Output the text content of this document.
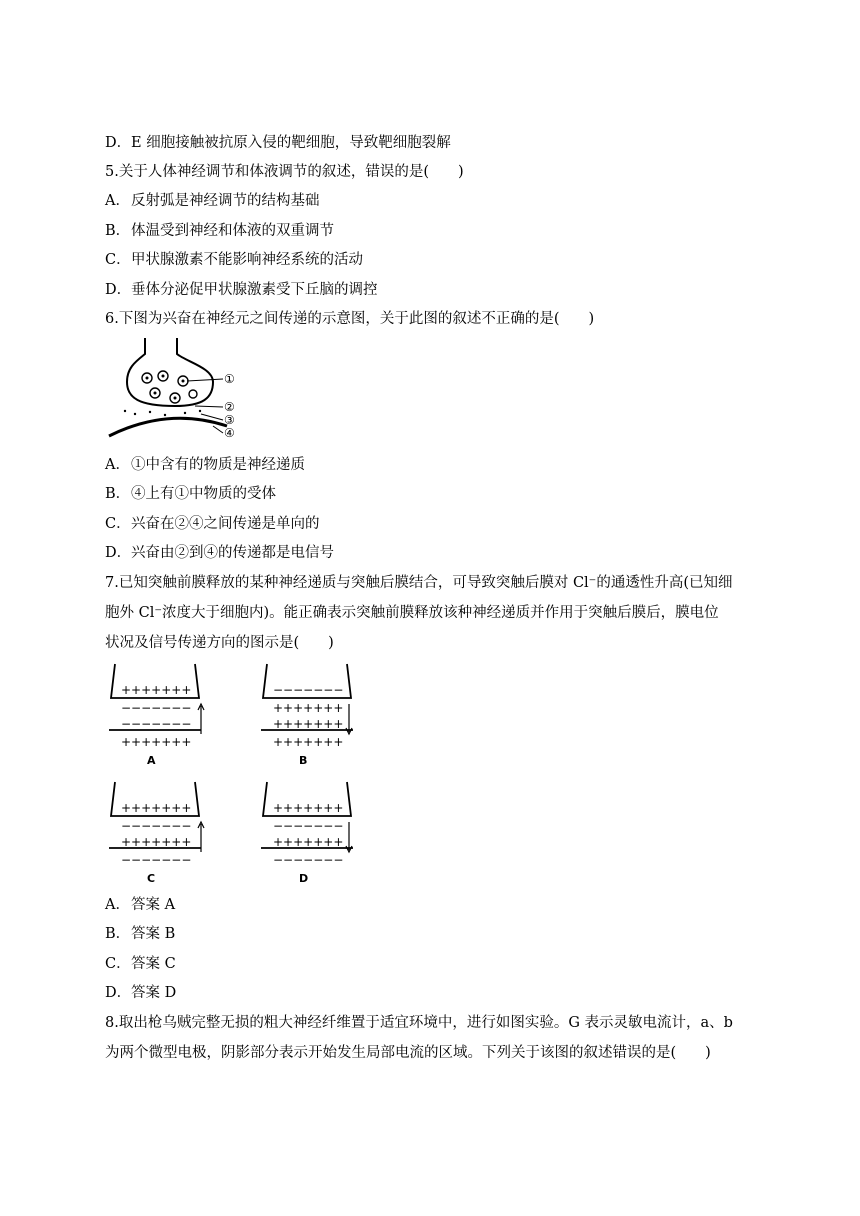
D．E 细胞接触被抗原入侵的靶细胞，导致靶细胞裂解
5.关于人体神经调节和体液调节的叙述，错误的是(　　)
A．反射弧是神经调节的结构基础
B．体温受到神经和体液的双重调节
C．甲状腺激素不能影响神经系统的活动
D．垂体分泌促甲状腺激素受下丘脑的调控
6.下图为兴奋在神经元之间传递的示意图，关于此图的叙述不正确的是(　　)
①
②
③
④
A．①中含有的物质是神经递质
B．④上有①中物质的受体
C．兴奋在②④之间传递是单向的
D．兴奋由②到④的传递都是电信号
7.已知突触前膜释放的某种神经递质与突触后膜结合，可导致突触后膜对 Cl⁻的通透性升高(已知细
胞外 Cl⁻浓度大于细胞内)。能正确表示突触前膜释放该种神经递质并作用于突触后膜后，膜电位
状况及信号传递方向的图示是(　　)
+++++++
−−−−−−−
−−−−−−−
+++++++
A
−−−−−−−
+++++++
+++++++
+++++++
B
+++++++
−−−−−−−
+++++++
−−−−−−−
C
+++++++
−−−−−−−
+++++++
−−−−−−−
D
A．答案 A
B．答案 B
C．答案 C
D．答案 D
8.取出枪乌贼完整无损的粗大神经纤维置于适宜环境中，进行如图实验。G 表示灵敏电流计，a、b
为两个微型电极，阴影部分表示开始发生局部电流的区域。下列关于该图的叙述错误的是(　　)
